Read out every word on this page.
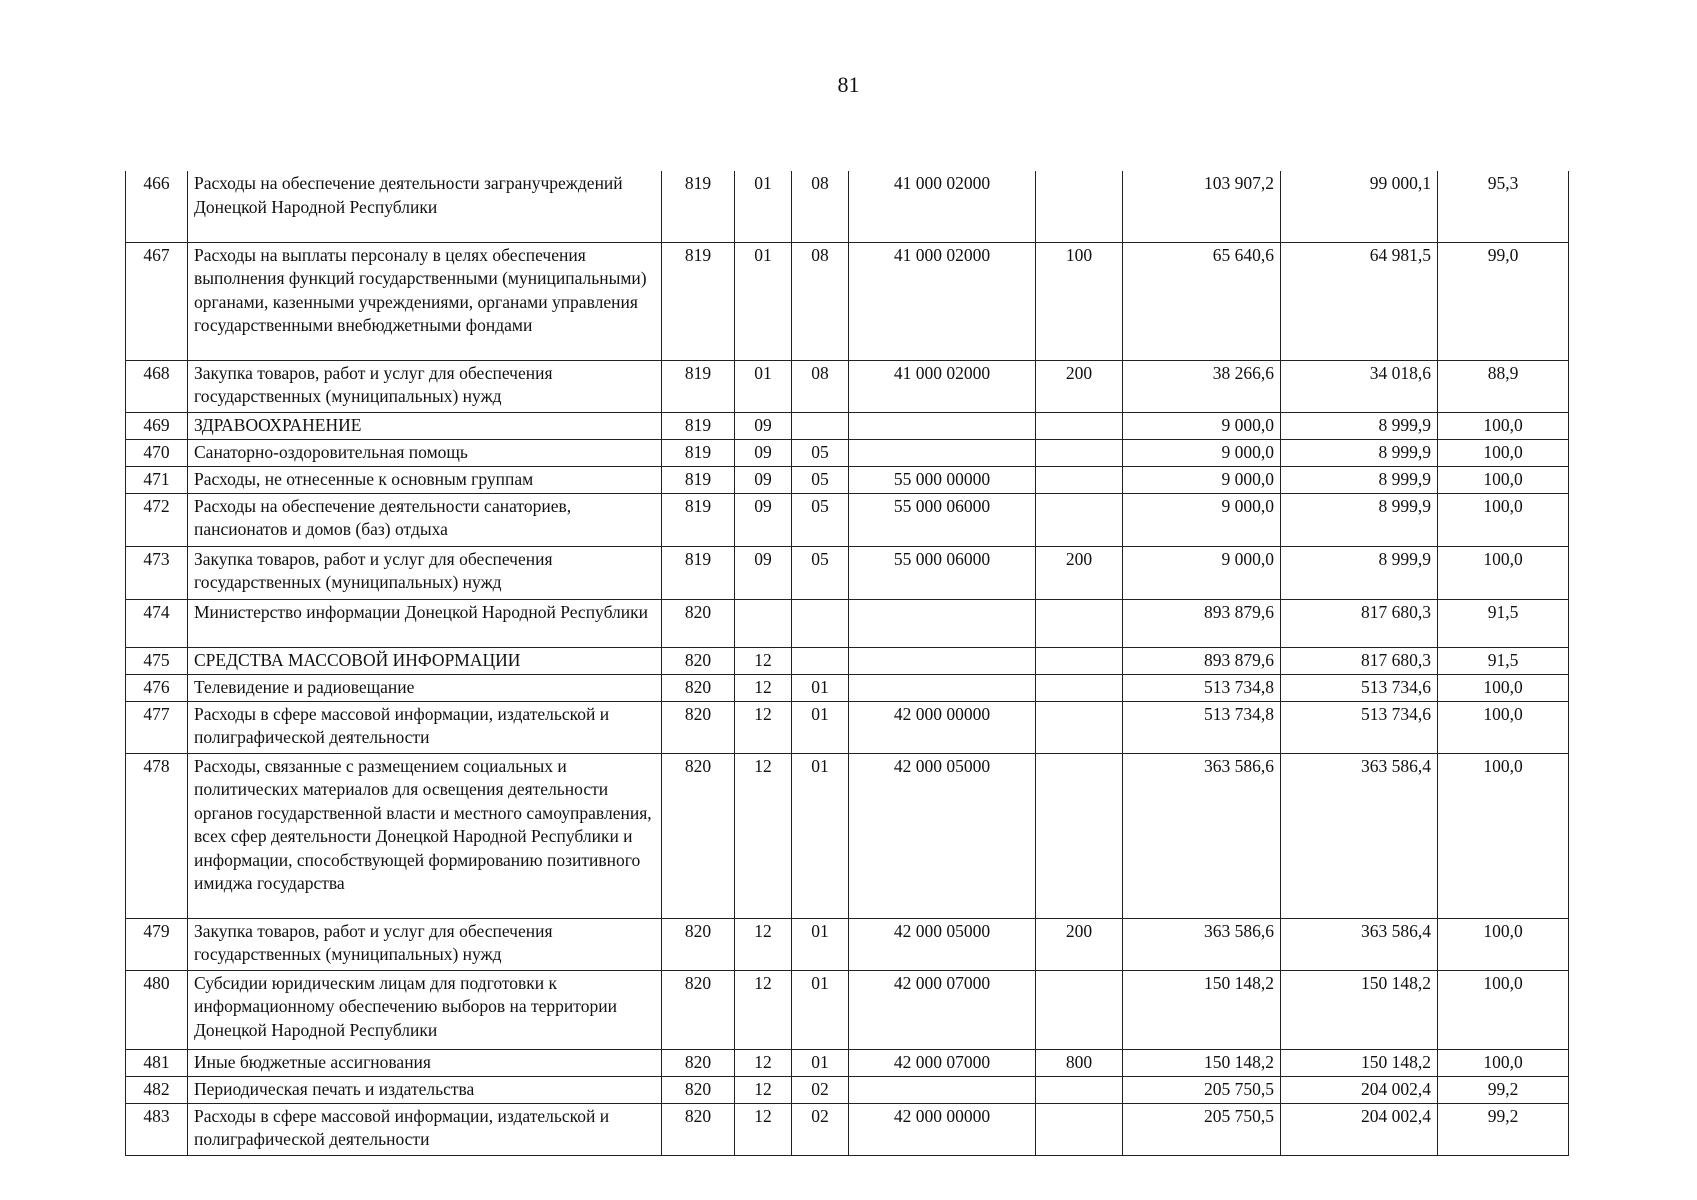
81
466	Расходы на обеспечение деятельности загранучреждений Донецкой Народной Республики	819	01	08	41 000 02000		103 907,2	99 000,1	95,3
467	Расходы на выплаты персоналу в целях обеспечения выполнения функций государственными (муниципальными) органами, казенными учреждениями, органами управления государственными внебюджетными фондами	819	01	08	41 000 02000	100	65 640,6	64 981,5	99,0
468	Закупка товаров, работ и услуг для обеспечения государственных (муниципальных) нужд	819	01	08	41 000 02000	200	38 266,6	34 018,6	88,9
469	ЗДРАВООХРАНЕНИЕ	819	09				9 000,0	8 999,9	100,0
470	Санаторно-оздоровительная помощь	819	09	05			9 000,0	8 999,9	100,0
471	Расходы, не отнесенные к основным группам	819	09	05	55 000 00000		9 000,0	8 999,9	100,0
472	Расходы на обеспечение деятельности санаториев, пансионатов и домов (баз) отдыха	819	09	05	55 000 06000		9 000,0	8 999,9	100,0
473	Закупка товаров, работ и услуг для обеспечения государственных (муниципальных) нужд	819	09	05	55 000 06000	200	9 000,0	8 999,9	100,0
474	Министерство информации Донецкой Народной Республики	820					893 879,6	817 680,3	91,5
475	СРЕДСТВА МАССОВОЙ ИНФОРМАЦИИ	820	12				893 879,6	817 680,3	91,5
476	Телевидение и радиовещание	820	12	01			513 734,8	513 734,6	100,0
477	Расходы в сфере массовой информации, издательской и полиграфической деятельности	820	12	01	42 000 00000		513 734,8	513 734,6	100,0
478	Расходы, связанные с размещением социальных и политических материалов для освещения деятельности органов государственной власти и местного самоуправления, всех сфер деятельности Донецкой Народной Республики и информации, способствующей формированию позитивного имиджа государства	820	12	01	42 000 05000		363 586,6	363 586,4	100,0
479	Закупка товаров, работ и услуг для обеспечения государственных (муниципальных) нужд	820	12	01	42 000 05000	200	363 586,6	363 586,4	100,0
480	Субсидии юридическим лицам для подготовки к информационному обеспечению выборов на территории Донецкой Народной Республики	820	12	01	42 000 07000		150 148,2	150 148,2	100,0
481	Иные бюджетные ассигнования	820	12	01	42 000 07000	800	150 148,2	150 148,2	100,0
482	Периодическая печать и издательства	820	12	02			205 750,5	204 002,4	99,2
483	Расходы в сфере массовой информации, издательской и полиграфической деятельности	820	12	02	42 000 00000		205 750,5	204 002,4	99,2
